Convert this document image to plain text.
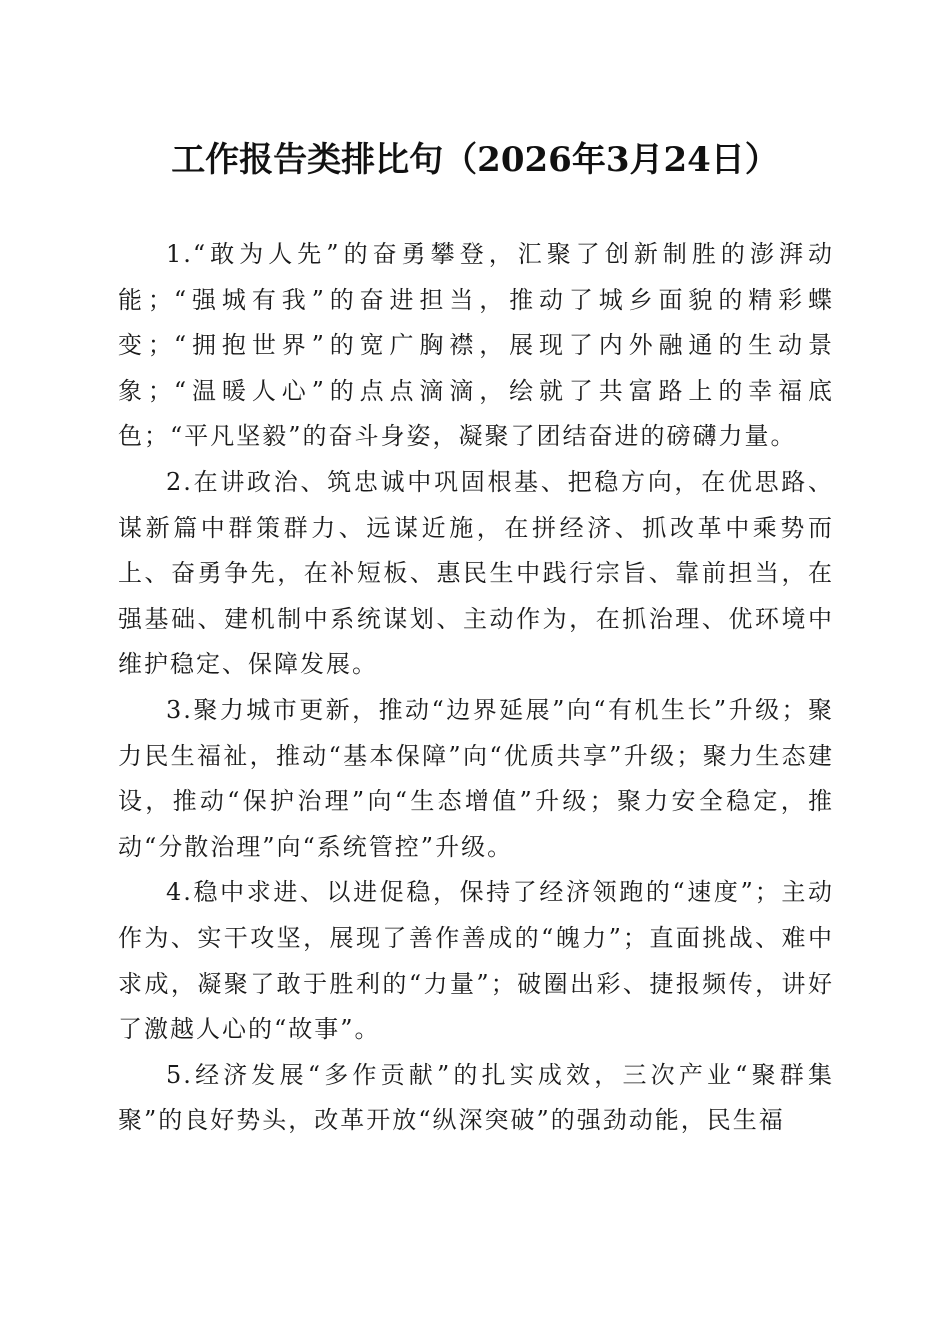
工作报告类排比句（2026年3月24日）

1.“敢为人先”的奋勇攀登，汇聚了创新制胜的澎湃动能；“强城有我”的奋进担当，推动了城乡面貌的精彩蝶变；“拥抱世界”的宽广胸襟，展现了内外融通的生动景象；“温暖人心”的点点滴滴，绘就了共富路上的幸福底色；“平凡坚毅”的奋斗身姿，凝聚了团结奋进的磅礴力量。

2.在讲政治、筑忠诚中巩固根基、把稳方向，在优思路、谋新篇中群策群力、远谋近施，在拼经济、抓改革中乘势而上、奋勇争先，在补短板、惠民生中践行宗旨、靠前担当，在强基础、建机制中系统谋划、主动作为，在抓治理、优环境中维护稳定、保障发展。

3.聚力城市更新，推动“边界延展”向“有机生长”升级；聚力民生福祉，推动“基本保障”向“优质共享”升级；聚力生态建设，推动“保护治理”向“生态增值”升级；聚力安全稳定，推动“分散治理”向“系统管控”升级。

4.稳中求进、以进促稳，保持了经济领跑的“速度”；主动作为、实干攻坚，展现了善作善成的“魄力”；直面挑战、难中求成，凝聚了敢于胜利的“力量”；破圈出彩、捷报频传，讲好了激越人心的“故事”。

5.经济发展“多作贡献”的扎实成效，三次产业“聚群集聚”的良好势头，改革开放“纵深突破”的强劲动能，民生福
